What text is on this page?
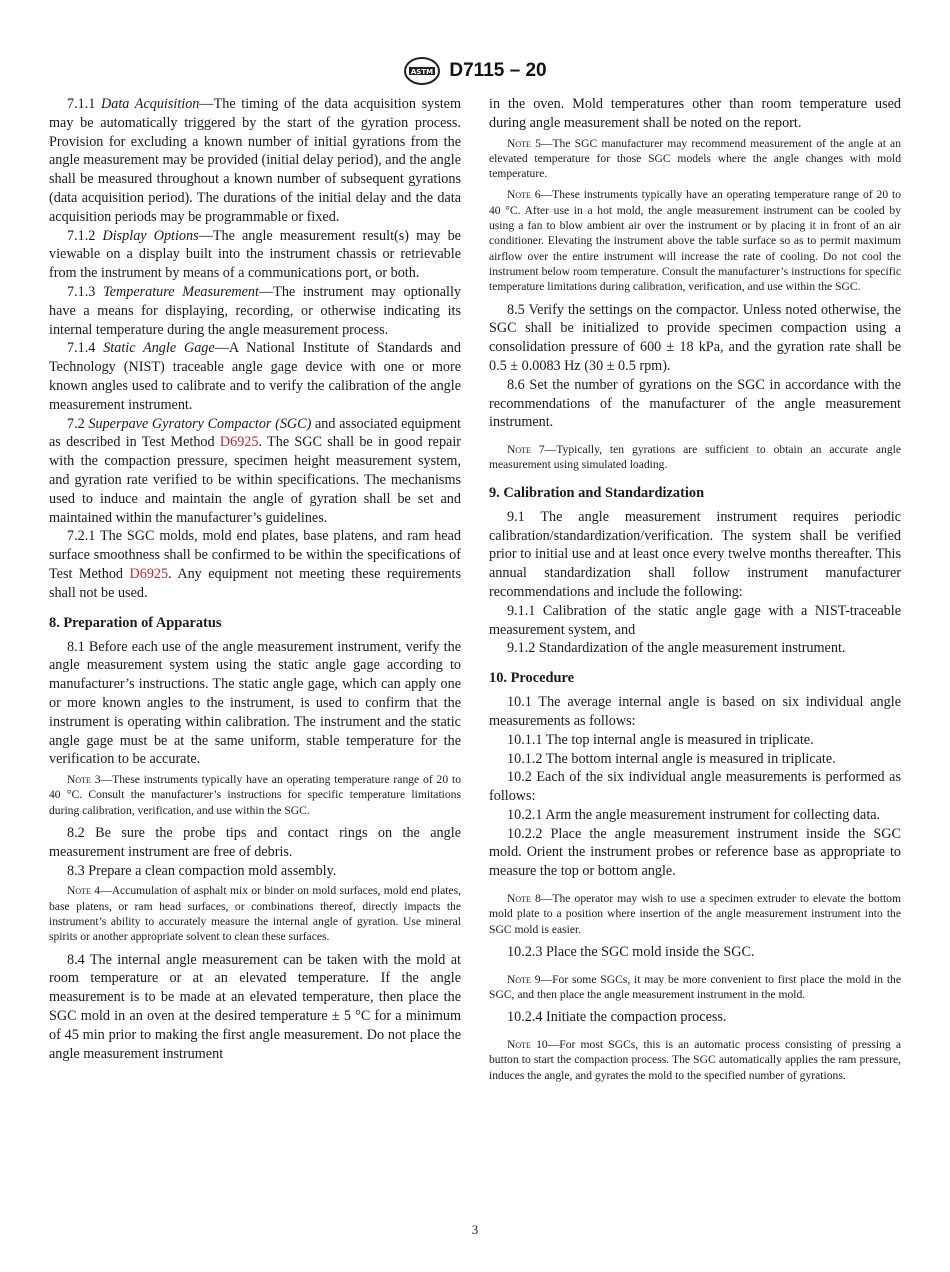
ASTM D7115 – 20

7.1.1 Data Acquisition—The timing of the data acquisition system may be automatically triggered by the start of the gyration process. Provision for excluding a known number of initial gyrations from the angle measurement may be provided (initial delay period), and the angle shall be measured throughout a known number of subsequent gyrations (data acquisition period). The durations of the initial delay and the data acquisition periods may be programmable or fixed.

7.1.2 Display Options—The angle measurement result(s) may be viewable on a display built into the instrument chassis or retrievable from the instrument by means of a communications port, or both.

7.1.3 Temperature Measurement—The instrument may optionally have a means for displaying, recording, or otherwise indicating its internal temperature during the angle measurement process.

7.1.4 Static Angle Gage—A National Institute of Standards and Technology (NIST) traceable angle gage device with one or more known angles used to calibrate and to verify the calibration of the angle measurement instrument.

7.2 Superpave Gyratory Compactor (SGC) and associated equipment as described in Test Method D6925. The SGC shall be in good repair with the compaction pressure, specimen height measurement system, and gyration rate verified to be within specifications. The mechanisms used to induce and maintain the angle of gyration shall be set and maintained within the manufacturer’s guidelines.

7.2.1 The SGC molds, mold end plates, base platens, and ram head surface smoothness shall be confirmed to be within the specifications of Test Method D6925. Any equipment not meeting these requirements shall not be used.

8. Preparation of Apparatus

8.1 Before each use of the angle measurement instrument, verify the angle measurement system using the static angle gage according to manufacturer’s instructions. The static angle gage, which can apply one or more known angles to the instrument, is used to confirm that the instrument is operating within calibration. The instrument and the static angle gage must be at the same uniform, stable temperature for the verification to be accurate.

Note 3—These instruments typically have an operating temperature range of 20 to 40 °C. Consult the manufacturer’s instructions for specific temperature limitations during calibration, verification, and use within the SGC.

8.2 Be sure the probe tips and contact rings on the angle measurement instrument are free of debris.

8.3 Prepare a clean compaction mold assembly.

Note 4—Accumulation of asphalt mix or binder on mold surfaces, mold end plates, base platens, or ram head surfaces, or combinations thereof, directly impacts the instrument’s ability to accurately measure the internal angle of gyration. Use mineral spirits or another appropriate solvent to clean these surfaces.

8.4 The internal angle measurement can be taken with the mold at room temperature or at an elevated temperature. If the angle measurement is to be made at an elevated temperature, then place the SGC mold in an oven at the desired temperature ± 5 °C for a minimum of 45 min prior to making the first angle measurement. Do not place the angle measurement instrument

in the oven. Mold temperatures other than room temperature used during angle measurement shall be noted on the report.

Note 5—The SGC manufacturer may recommend measurement of the angle at an elevated temperature for those SGC models where the angle changes with mold temperature.

Note 6—These instruments typically have an operating temperature range of 20 to 40 °C. After use in a hot mold, the angle measurement instrument can be cooled by using a fan to blow ambient air over the instrument or by placing it in front of an air conditioner. Elevating the instrument above the table surface so as to permit maximum airflow over the entire instrument will increase the rate of cooling. Do not cool the instrument below room temperature. Consult the manufacturer’s instructions for specific temperature limitations during calibration, verification, and use within the SGC.

8.5 Verify the settings on the compactor. Unless noted otherwise, the SGC shall be initialized to provide specimen compaction using a consolidation pressure of 600 ± 18 kPa, and the gyration rate shall be 0.5 ± 0.0083 Hz (30 ± 0.5 rpm).

8.6 Set the number of gyrations on the SGC in accordance with the recommendations of the manufacturer of the angle measurement instrument.

Note 7—Typically, ten gyrations are sufficient to obtain an accurate angle measurement using simulated loading.

9. Calibration and Standardization

9.1 The angle measurement instrument requires periodic calibration/standardization/verification. The system shall be verified prior to initial use and at least once every twelve months thereafter. This annual standardization shall follow instrument manufacturer recommendations and include the following:

9.1.1 Calibration of the static angle gage with a NIST-traceable measurement system, and

9.1.2 Standardization of the angle measurement instrument.

10. Procedure

10.1 The average internal angle is based on six individual angle measurements as follows:

10.1.1 The top internal angle is measured in triplicate.

10.1.2 The bottom internal angle is measured in triplicate.

10.2 Each of the six individual angle measurements is performed as follows:

10.2.1 Arm the angle measurement instrument for collecting data.

10.2.2 Place the angle measurement instrument inside the SGC mold. Orient the instrument probes or reference base as appropriate to measure the top or bottom angle.

Note 8—The operator may wish to use a specimen extruder to elevate the bottom mold plate to a position where insertion of the angle measurement instrument into the SGC mold is easier.

10.2.3 Place the SGC mold inside the SGC.

Note 9—For some SGCs, it may be more convenient to first place the mold in the SGC, and then place the angle measurement instrument in the mold.

10.2.4 Initiate the compaction process.

Note 10—For most SGCs, this is an automatic process consisting of pressing a button to start the compaction process. The SGC automatically applies the ram pressure, induces the angle, and gyrates the mold to the specified number of gyrations.

3
